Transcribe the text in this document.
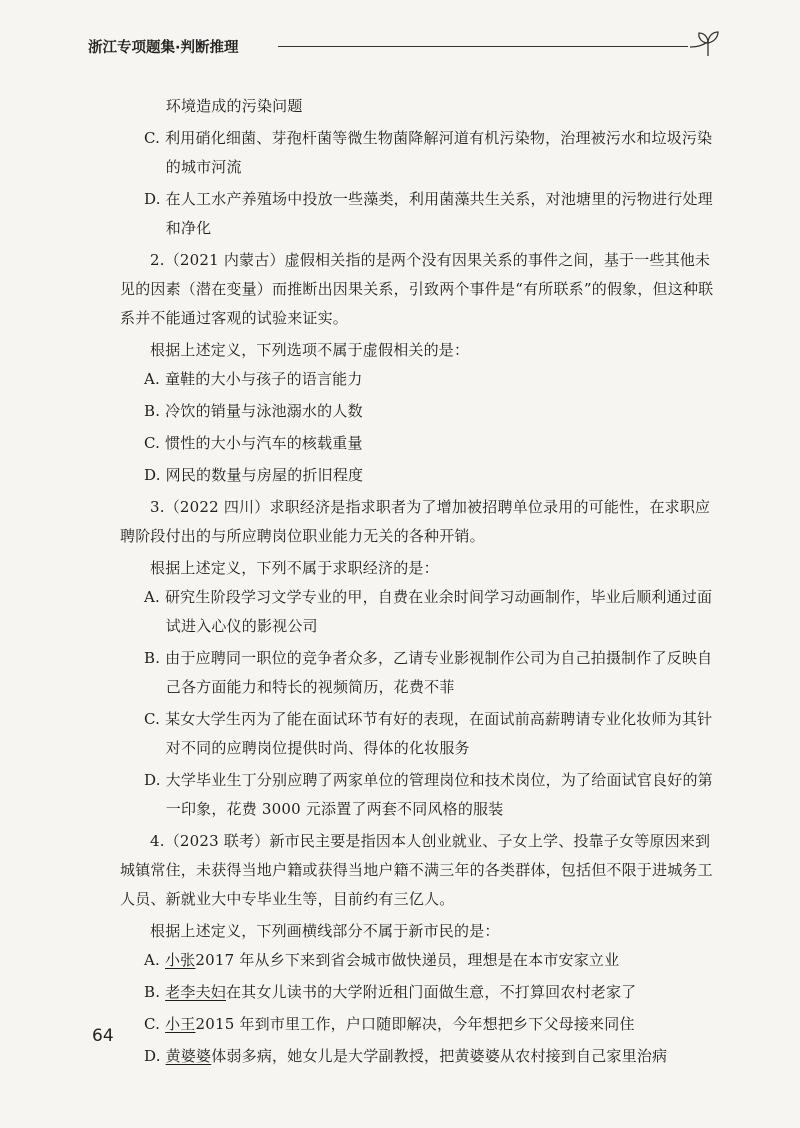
浙江专项题集·判断推理

环境造成的污染问题

C. 利用硝化细菌、芽孢杆菌等微生物菌降解河道有机污染物，治理被污水和垃圾污染的城市河流

D. 在人工水产养殖场中投放一些藻类，利用菌藻共生关系，对池塘里的污物进行处理和净化

2.（2021 内蒙古）虚假相关指的是两个没有因果关系的事件之间，基于一些其他未见的因素（潜在变量）而推断出因果关系，引致两个事件是“有所联系”的假象，但这种联系并不能通过客观的试验来证实。

根据上述定义，下列选项不属于虚假相关的是：

A. 童鞋的大小与孩子的语言能力

B. 冷饮的销量与泳池溺水的人数

C. 惯性的大小与汽车的核载重量

D. 网民的数量与房屋的折旧程度

3.（2022 四川）求职经济是指求职者为了增加被招聘单位录用的可能性，在求职应聘阶段付出的与所应聘岗位职业能力无关的各种开销。

根据上述定义，下列不属于求职经济的是：

A. 研究生阶段学习文学专业的甲，自费在业余时间学习动画制作，毕业后顺利通过面试进入心仪的影视公司

B. 由于应聘同一职位的竞争者众多，乙请专业影视制作公司为自己拍摄制作了反映自己各方面能力和特长的视频简历，花费不菲

C. 某女大学生丙为了能在面试环节有好的表现，在面试前高薪聘请专业化妆师为其针对不同的应聘岗位提供时尚、得体的化妆服务

D. 大学毕业生丁分别应聘了两家单位的管理岗位和技术岗位，为了给面试官良好的第一印象，花费 3000 元添置了两套不同风格的服装

4.（2023 联考）新市民主要是指因本人创业就业、子女上学、投靠子女等原因来到城镇常住，未获得当地户籍或获得当地户籍不满三年的各类群体，包括但不限于进城务工人员、新就业大中专毕业生等，目前约有三亿人。

根据上述定义，下列画横线部分不属于新市民的是：

A. 小张2017 年从乡下来到省会城市做快递员，理想是在本市安家立业

B. 老李夫妇在其女儿读书的大学附近租门面做生意，不打算回农村老家了

C. 小王2015 年到市里工作，户口随即解决，今年想把乡下父母接来同住

D. 黄婆婆体弱多病，她女儿是大学副教授，把黄婆婆从农村接到自己家里治病

64
